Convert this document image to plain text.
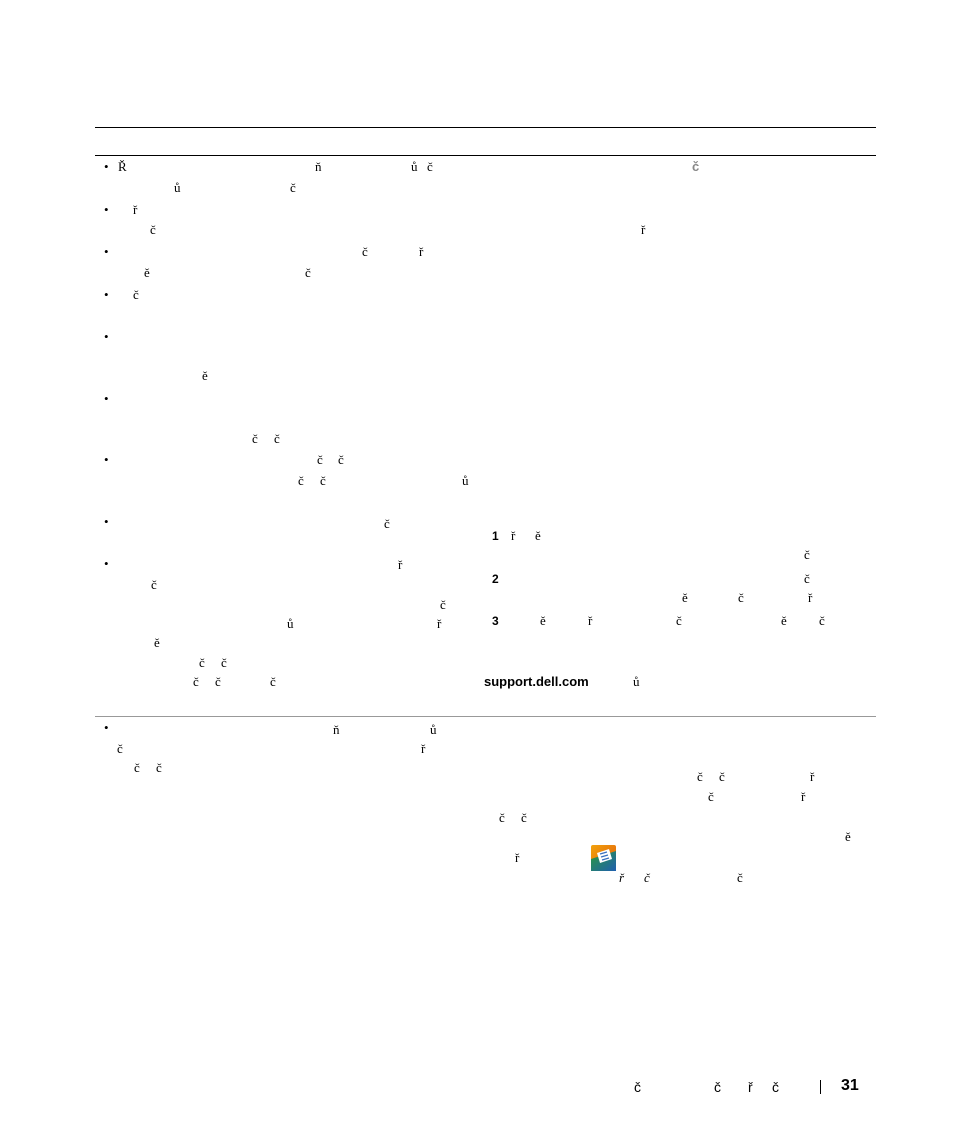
•
•
•
•
•
•
•
•
•
•
Ř	ň	ů č	č
ů	č
ř
č	ř
č	ř
ě	č
č
ě
č č
č č
č č	ů
č
ř
č
č
ů	ř
ě
č č
č č	č
1 ř ě
č
2	č
ě	č	ř
3	ě	ř	č	ě č
support.dell.com	ů
ň	ů
č	ř
č č
č č	ř
č	ř
č č
ě
ř
ř č	č
č	č ř č	31
